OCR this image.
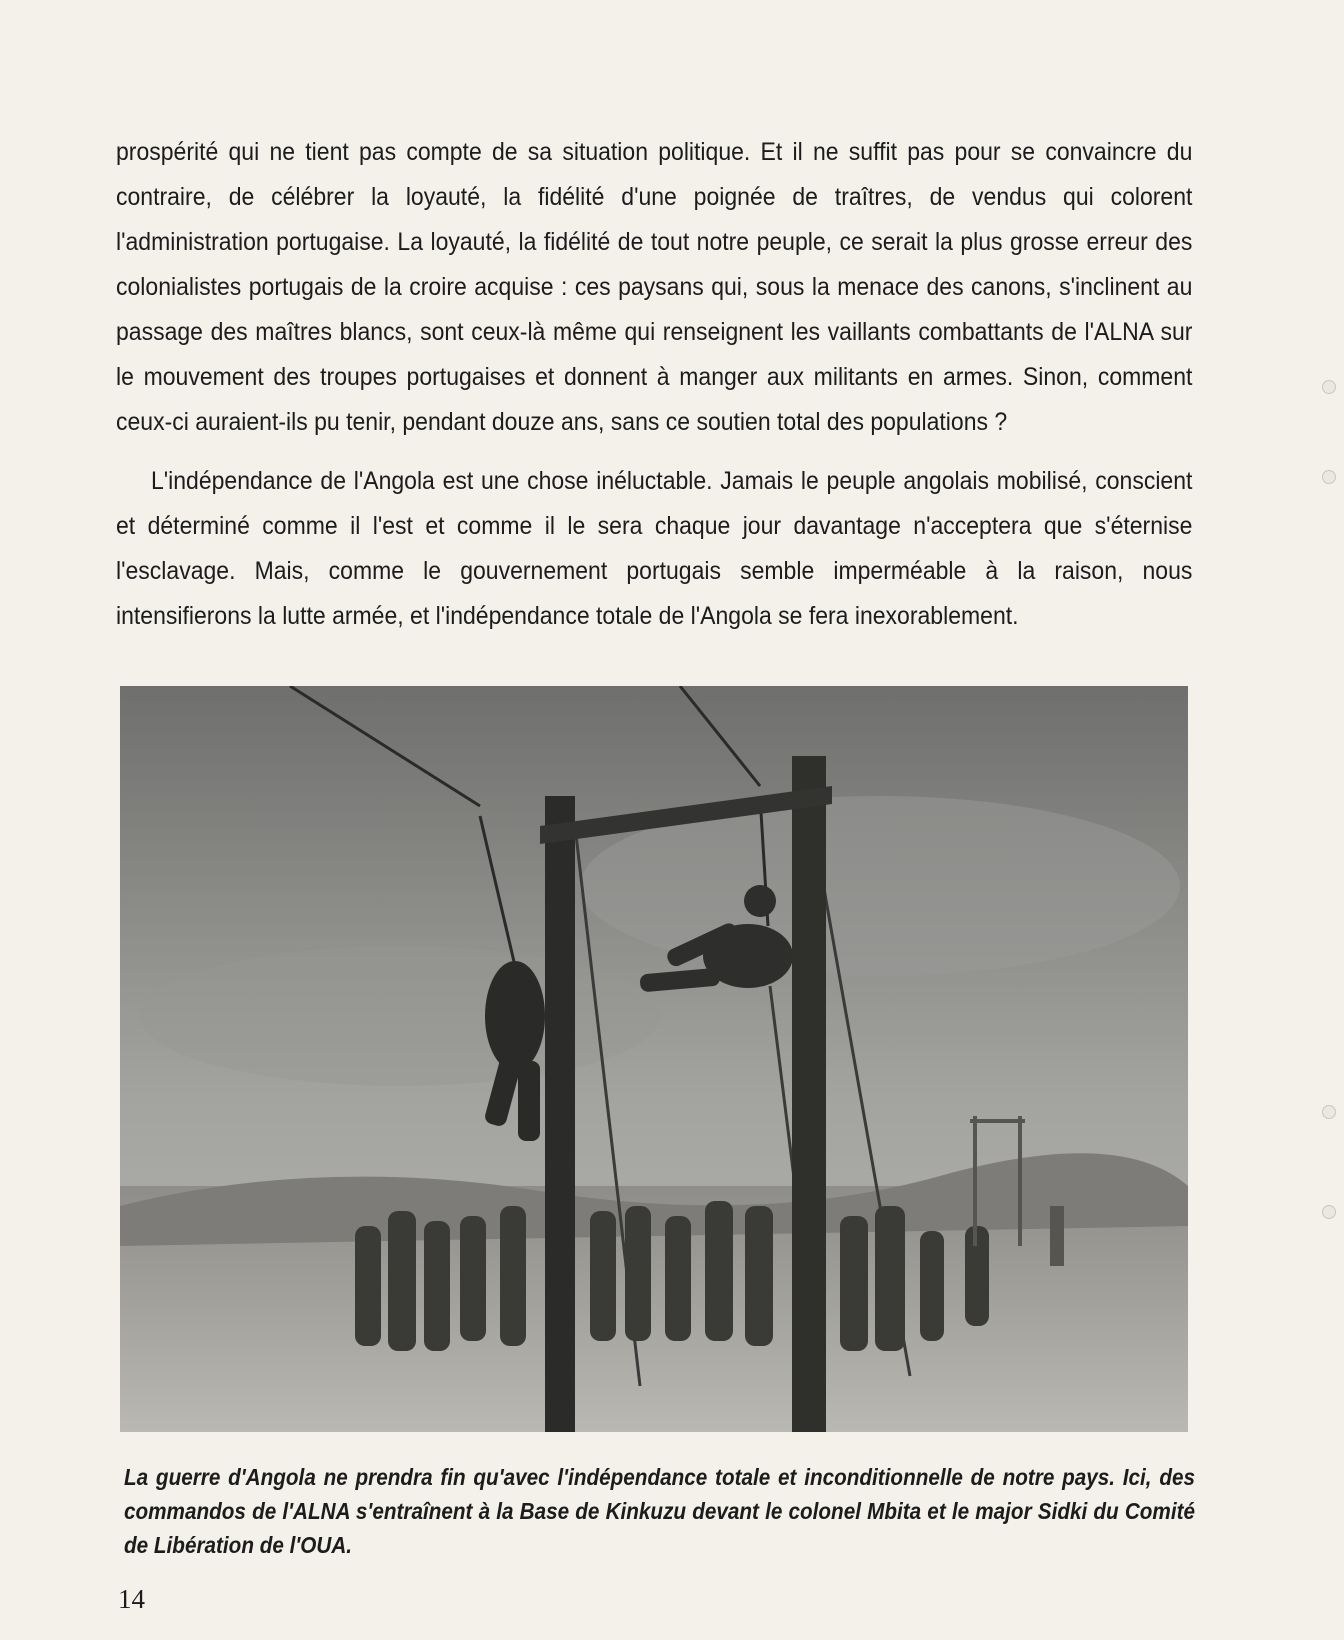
prospérité qui ne tient pas compte de sa situation politique. Et il ne suffit pas pour se convaincre du contraire, de célébrer la loyauté, la fidélité d'une poignée de traîtres, de vendus qui colorent l'administration portugaise. La loyauté, la fidélité de tout notre peuple, ce serait la plus grosse erreur des colonialistes portugais de la croire acquise : ces paysans qui, sous la menace des canons, s'inclinent au passage des maîtres blancs, sont ceux-là même qui renseignent les vaillants combattants de l'ALNA sur le mouvement des troupes portugaises et donnent à manger aux militants en armes. Sinon, comment ceux-ci auraient-ils pu tenir, pendant douze ans, sans ce soutien total des populations ?

L'indépendance de l'Angola est une chose inéluctable. Jamais le peuple angolais mobilisé, conscient et déterminé comme il l'est et comme il le sera chaque jour davantage n'acceptera que s'éternise l'esclavage. Mais, comme le gouvernement portugais semble imperméable à la raison, nous intensifierons la lutte armée, et l'indépendance totale de l'Angola se fera inexorablement.

La guerre d'Angola ne prendra fin qu'avec l'indépendance totale et inconditionnelle de notre pays. Ici, des commandos de l'ALNA s'entraînent à la Base de Kinkuzu devant le colonel Mbita et le major Sidki du Comité de Libération de l'OUA.

14
